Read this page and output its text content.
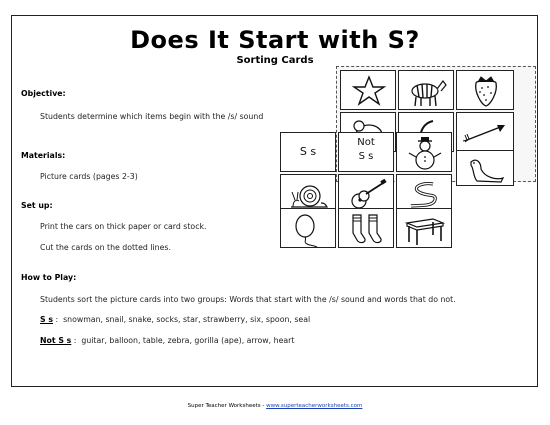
Does It Start with S?
Sorting Cards
Objective:
Students determine which items begin with the /s/ sound
Materials:
Picture cards (pages 2-3)
Set up:
Print the cars on thick paper or card stock.
Cut the cards on the dotted lines.
How to Play:
Students sort the picture cards into two groups: Words that start with the /s/ sound and words that do not.
S s : snowman, snail, snake, socks, star, strawberry, six, spoon, seal
Not S s : guitar, balloon, table, zebra, gorilla (ape), arrow, heart
S s
Not
S s
Super Teacher Worksheets - www.superteacherworksheets.com
